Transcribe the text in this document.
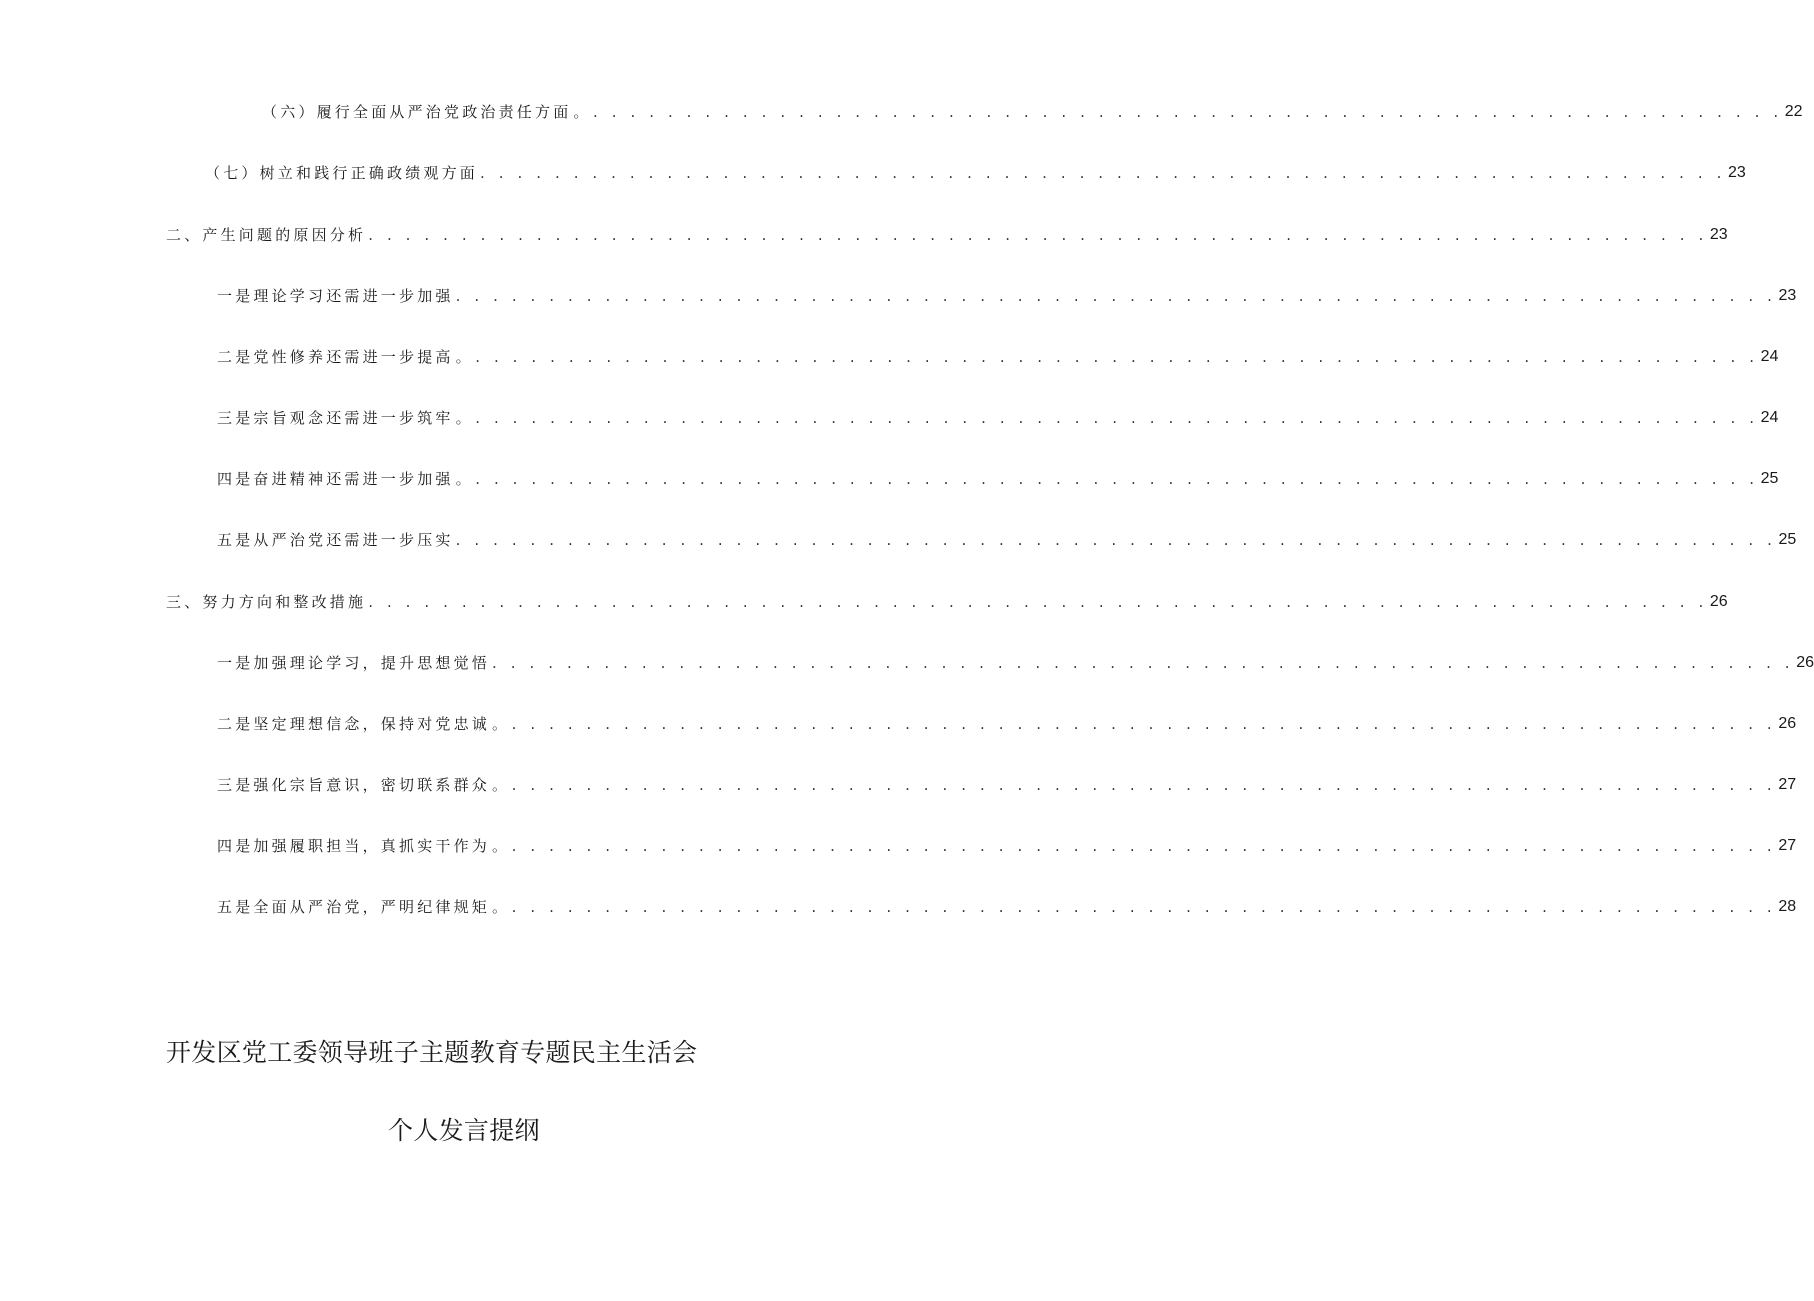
（六）履行全面从严治党政治责任方面 。. . . . . . . . . . . . . . . . . . . . . . . . . . . . . . . . . . . . . . . . . . . . . . . . . . . . . . . . . . . . . . . . 22
（七）树立和践行正确政绩观方面 . . . . . . . . . . . . . . . . . . . . . . . . . . . . . . . . . . . . . . . . . . . . . . . . . . . . . . . . . . . . . . . . . . . 23
二、产生问题的原因分析 . . . . . . . . . . . . . . . . . . . . . . . . . . . . . . . . . . . . . . . . . . . . . . . . . . . . . . . . . . . . . . . . . . . . . . . . 23
一是理论学习还需进一步加强 . . . . . . . . . . . . . . . . . . . . . . . . . . . . . . . . . . . . . . . . . . . . . . . . . . . . . . . . . . . . . . . . . . . . . . . 23
二是党性修养还需进一步提高 。. . . . . . . . . . . . . . . . . . . . . . . . . . . . . . . . . . . . . . . . . . . . . . . . . . . . . . . . . . . . . . . . . . . . . 24
三是宗旨观念还需进一步筑牢 。. . . . . . . . . . . . . . . . . . . . . . . . . . . . . . . . . . . . . . . . . . . . . . . . . . . . . . . . . . . . . . . . . . . . . 24
四是奋进精神还需进一步加强 。. . . . . . . . . . . . . . . . . . . . . . . . . . . . . . . . . . . . . . . . . . . . . . . . . . . . . . . . . . . . . . . . . . . . . 25
五是从严治党还需进一步压实 . . . . . . . . . . . . . . . . . . . . . . . . . . . . . . . . . . . . . . . . . . . . . . . . . . . . . . . . . . . . . . . . . . . . . . . 25
三、努力方向和整改措施 . . . . . . . . . . . . . . . . . . . . . . . . . . . . . . . . . . . . . . . . . . . . . . . . . . . . . . . . . . . . . . . . . . . . . . . . 26
一是加强理论学习，提升思想觉悟 . . . . . . . . . . . . . . . . . . . . . . . . . . . . . . . . . . . . . . . . . . . . . . . . . . . . . . . . . . . . . . . . . . . . . . 26
二是坚定理想信念，保持对党忠诚 。. . . . . . . . . . . . . . . . . . . . . . . . . . . . . . . . . . . . . . . . . . . . . . . . . . . . . . . . . . . . . . . . . . . . 26
三是强化宗旨意识，密切联系群众 。. . . . . . . . . . . . . . . . . . . . . . . . . . . . . . . . . . . . . . . . . . . . . . . . . . . . . . . . . . . . . . . . . . . . 27
四是加强履职担当，真抓实干作为 。. . . . . . . . . . . . . . . . . . . . . . . . . . . . . . . . . . . . . . . . . . . . . . . . . . . . . . . . . . . . . . . . . . . . 27
五是全面从严治党，严明纪律规矩 。. . . . . . . . . . . . . . . . . . . . . . . . . . . . . . . . . . . . . . . . . . . . . . . . . . . . . . . . . . . . . . . . . . . . 28
开发区党工委领导班子主题教育专题民主生活会
个人发言提纲
